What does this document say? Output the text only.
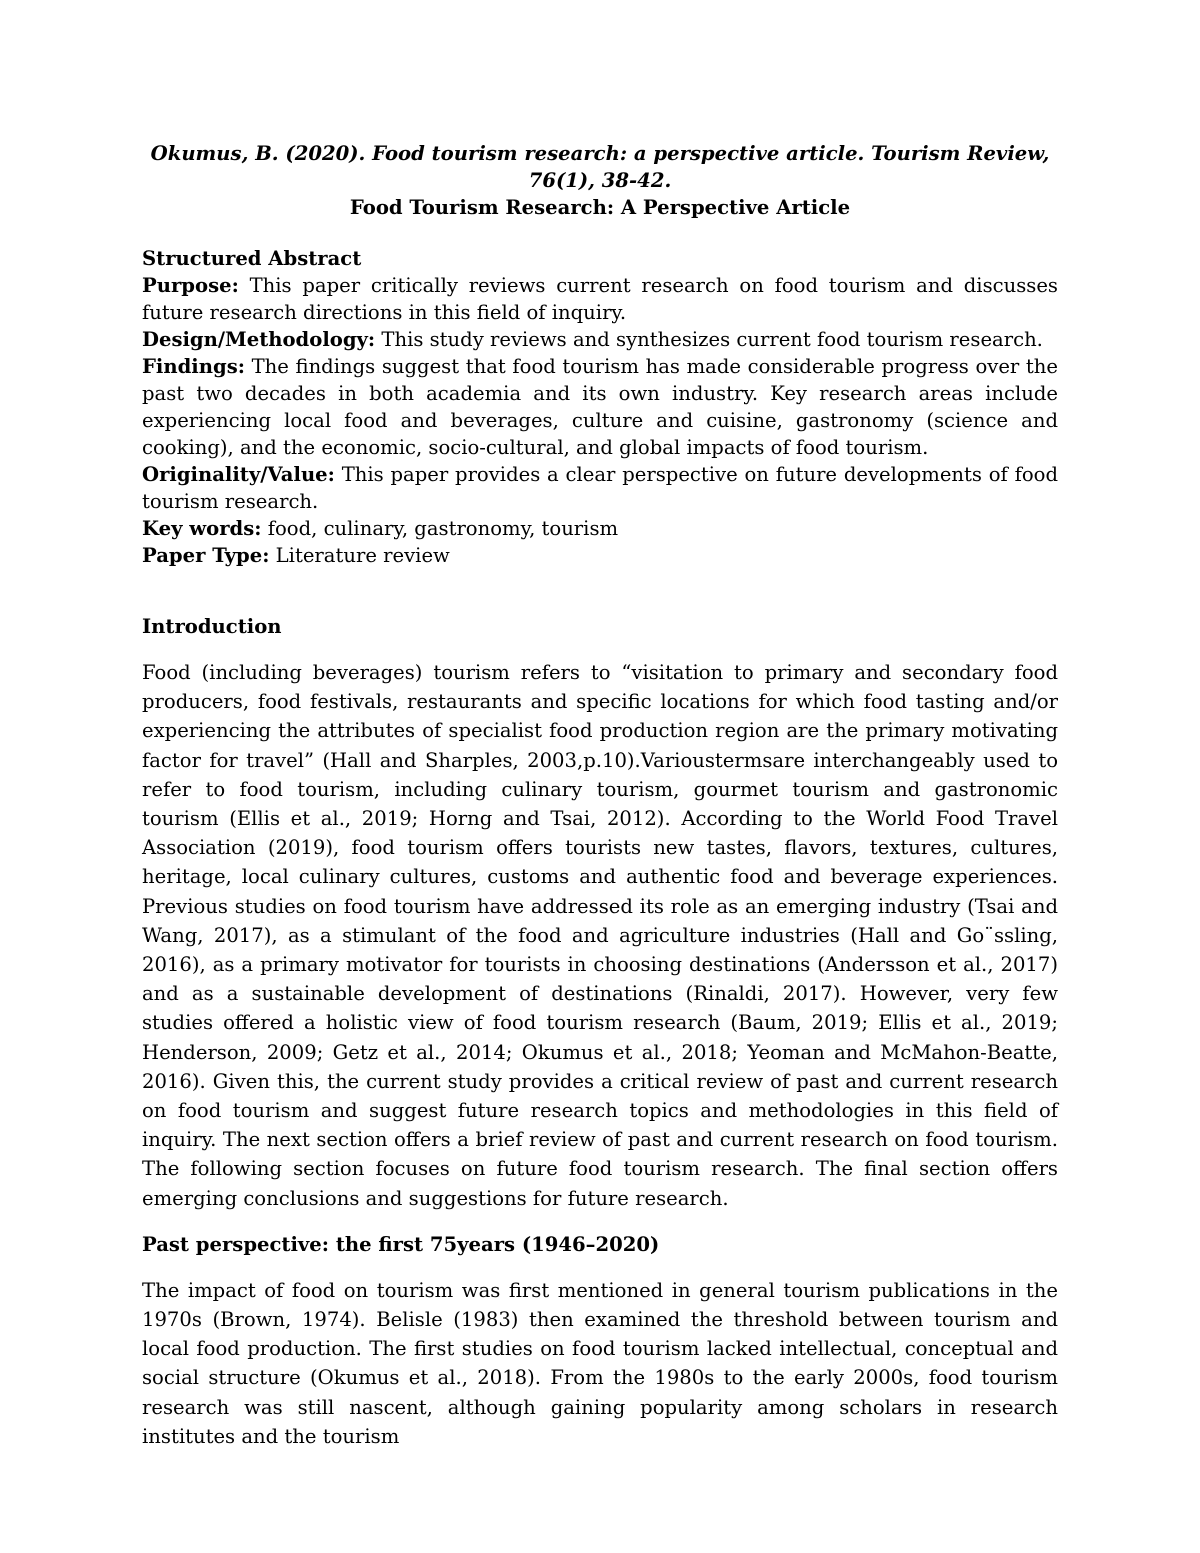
Okumus, B. (2020). Food tourism research: a perspective article. Tourism Review, 76(1), 38-42.

Food Tourism Research: A Perspective Article

Structured Abstract

Purpose: This paper critically reviews current research on food tourism and discusses future research directions in this field of inquiry.

Design/Methodology: This study reviews and synthesizes current food tourism research.

Findings: The findings suggest that food tourism has made considerable progress over the past two decades in both academia and its own industry. Key research areas include experiencing local food and beverages, culture and cuisine, gastronomy (science and cooking), and the economic, socio-cultural, and global impacts of food tourism.

Originality/Value: This paper provides a clear perspective on future developments of food tourism research.

Key words: food, culinary, gastronomy, tourism

Paper Type: Literature review

Introduction

Food (including beverages) tourism refers to “visitation to primary and secondary food producers, food festivals, restaurants and specific locations for which food tasting and/or experiencing the attributes of specialist food production region are the primary motivating factor for travel” (Hall and Sharples, 2003,p.10).Varioustermsare interchangeably used to refer to food tourism, including culinary tourism, gourmet tourism and gastronomic tourism (Ellis et al., 2019; Horng and Tsai, 2012). According to the World Food Travel Association (2019), food tourism offers tourists new tastes, flavors, textures, cultures, heritage, local culinary cultures, customs and authentic food and beverage experiences. Previous studies on food tourism have addressed its role as an emerging industry (Tsai and Wang, 2017), as a stimulant of the food and agriculture industries (Hall and Go¨ssling, 2016), as a primary motivator for tourists in choosing destinations (Andersson et al., 2017) and as a sustainable development of destinations (Rinaldi, 2017). However, very few studies offered a holistic view of food tourism research (Baum, 2019; Ellis et al., 2019; Henderson, 2009; Getz et al., 2014; Okumus et al., 2018; Yeoman and McMahon-Beatte, 2016). Given this, the current study provides a critical review of past and current research on food tourism and suggest future research topics and methodologies in this field of inquiry. The next section offers a brief review of past and current research on food tourism. The following section focuses on future food tourism research. The final section offers emerging conclusions and suggestions for future research.

Past perspective: the first 75years (1946–2020)

The impact of food on tourism was first mentioned in general tourism publications in the 1970s (Brown, 1974). Belisle (1983) then examined the threshold between tourism and local food production. The first studies on food tourism lacked intellectual, conceptual and social structure (Okumus et al., 2018). From the 1980s to the early 2000s, food tourism research was still nascent, although gaining popularity among scholars in research institutes and the tourism
